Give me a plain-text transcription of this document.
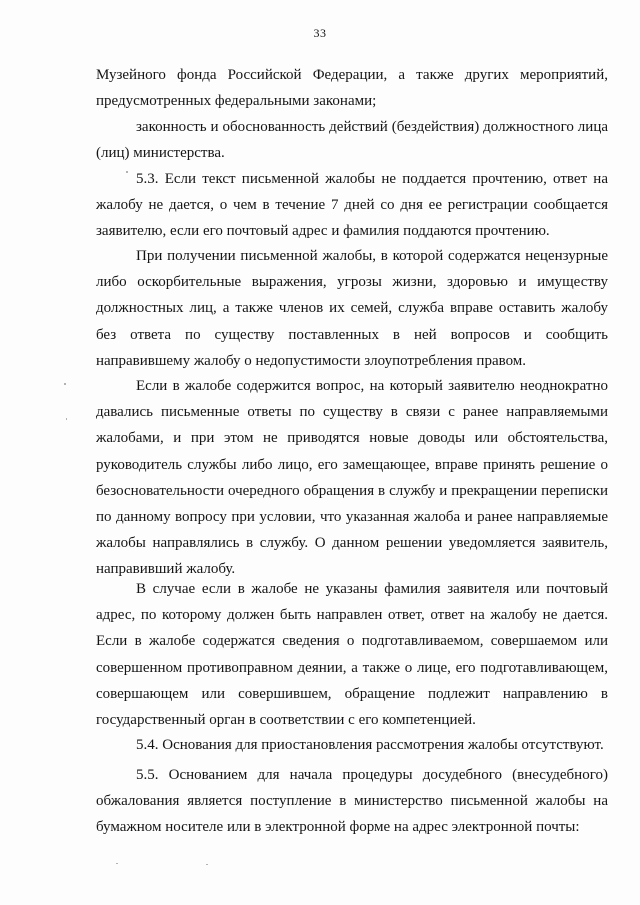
33
Музейного фонда Российской Федерации, а также других мероприятий, предусмотренных федеральными законами;
законность и обоснованность действий (бездействия) должностного лица (лиц) министерства.
5.3. Если текст письменной жалобы не поддается прочтению, ответ на жалобу не дается, о чем в течение 7 дней со дня ее регистрации сообщается заявителю, если его почтовый адрес и фамилия поддаются прочтению.
При получении письменной жалобы, в которой содержатся нецензурные либо оскорбительные выражения, угрозы жизни, здоровью и имуществу должностных лиц, а также членов их семей, служба вправе оставить жалобу без ответа по существу поставленных в ней вопросов и сообщить направившему жалобу о недопустимости злоупотребления правом.
Если в жалобе содержится вопрос, на который заявителю неоднократно давались письменные ответы по существу в связи с ранее направляемыми жалобами, и при этом не приводятся новые доводы или обстоятельства, руководитель службы либо лицо, его замещающее, вправе принять решение о безосновательности очередного обращения в службу и прекращении переписки по данному вопросу при условии, что указанная жалоба и ранее направляемые жалобы направлялись в службу. О данном решении уведомляется заявитель, направивший жалобу.
В случае если в жалобе не указаны фамилия заявителя или почтовый адрес, по которому должен быть направлен ответ, ответ на жалобу не дается. Если в жалобе содержатся сведения о подготавливаемом, совершаемом или совершенном противоправном деянии, а также о лице, его подготавливающем, совершающем или совершившем, обращение подлежит направлению в государственный орган в соответствии с его компетенцией.
5.4. Основания для приостановления рассмотрения жалобы отсутствуют.
5.5. Основанием для начала процедуры досудебного (внесудебного) обжалования является поступление в министерство письменной жалобы на бумажном носителе или в электронной форме на адрес электронной почты:
